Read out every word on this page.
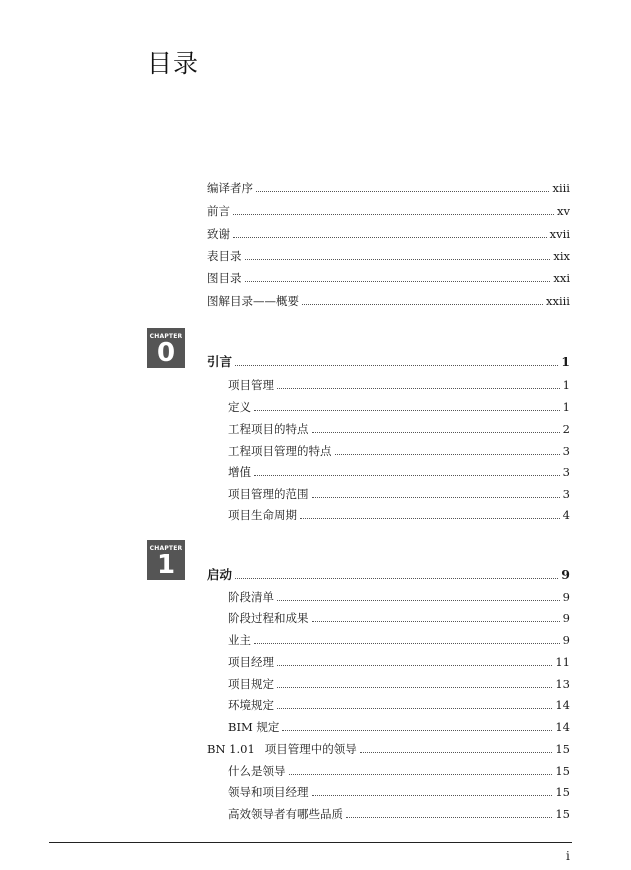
目录
编译者序	xiii
前言	xv
致谢	xvii
表目录	xix
图目录	xxi
图解目录——概要	xxiii
CHAPTER
0	引言	1
项目管理	1
定义	1
工程项目的特点	2
工程项目管理的特点	3
增值	3
项目管理的范围	3
项目生命周期	4
CHAPTER
1	启动	9
阶段清单	9
阶段过程和成果	9
业主	9
项目经理	11
项目规定	13
环境规定	14
BIM 规定	14
BN 1.01 项目管理中的领导	15
什么是领导	15
领导和项目经理	15
高效领导者有哪些品质	15
i
